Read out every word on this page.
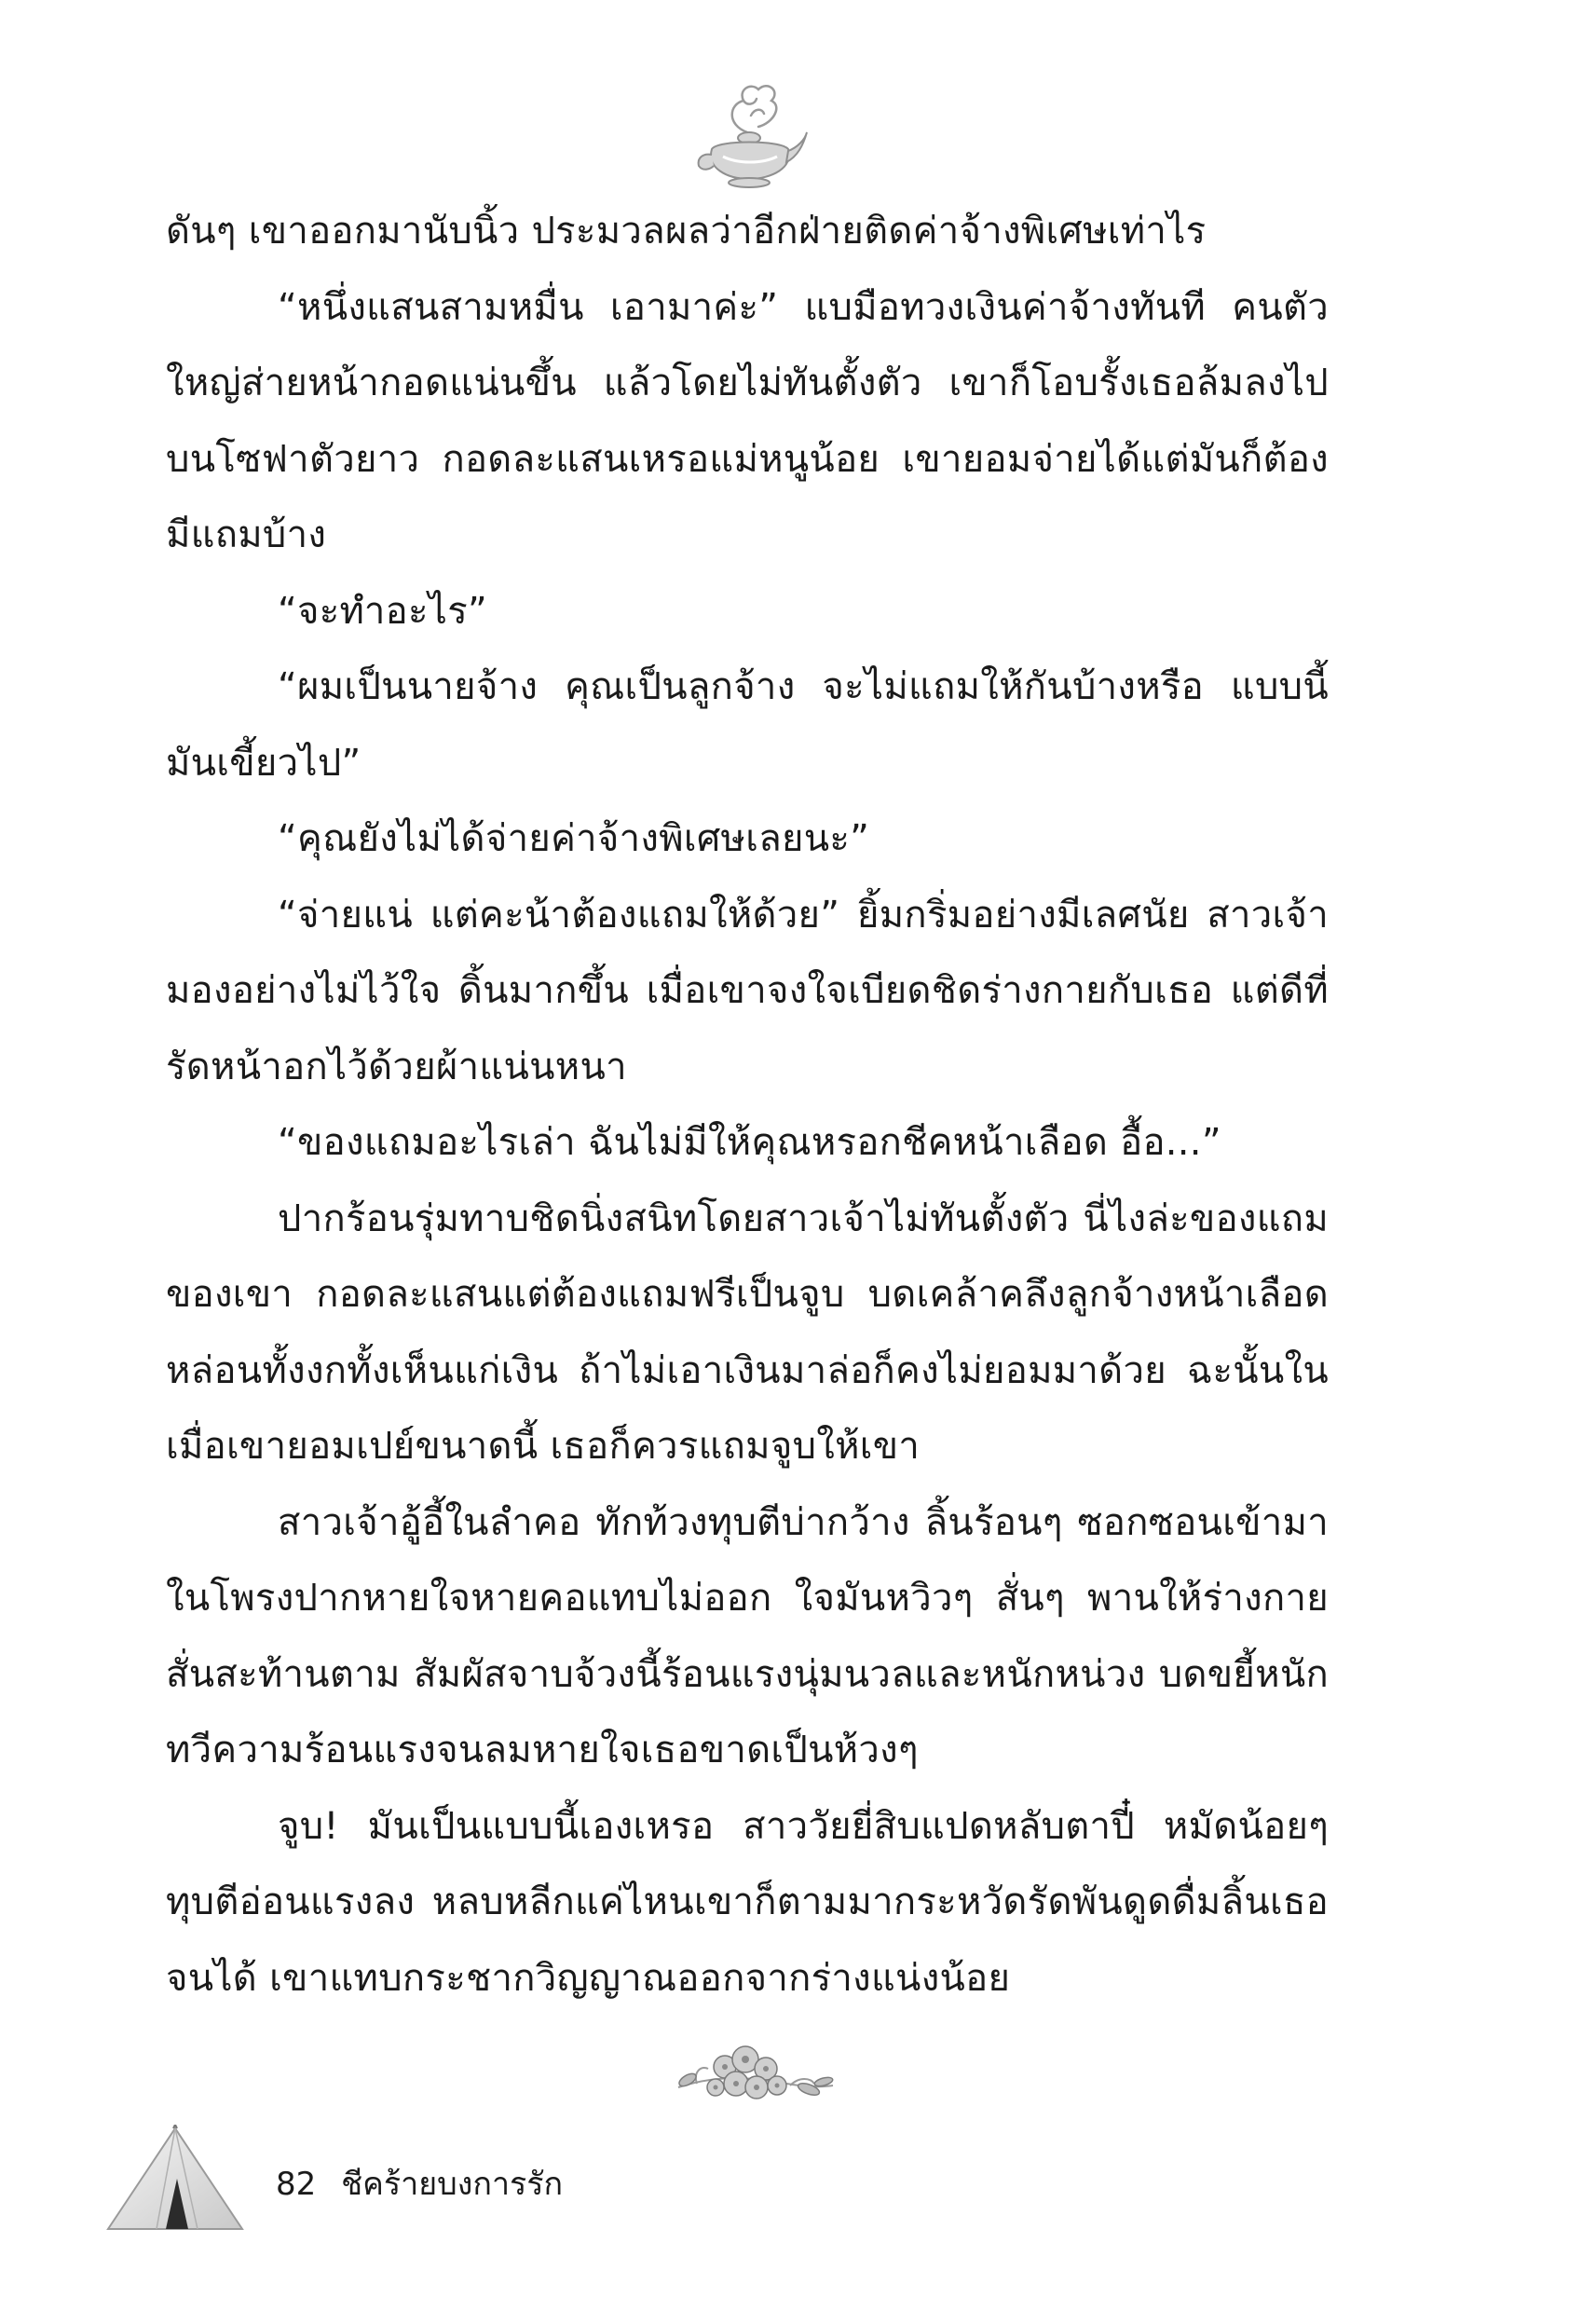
ดันๆ เขาออกมานับนิ้ว ประมวลผลว่าอีกฝ่ายติดค่าจ้างพิเศษเท่าไร

“หนึ่งแสนสามหมื่น เอามาค่ะ” แบมือทวงเงินค่าจ้างทันที คนตัวใหญ่ส่ายหน้ากอดแน่นขึ้น แล้วโดยไม่ทันตั้งตัว เขาก็โอบรั้งเธอล้มลงไปบนโซฟาตัวยาว กอดละแสนเหรอแม่หนูน้อย เขายอมจ่ายได้แต่มันก็ต้องมีแถมบ้าง

“จะทำอะไร”

“ผมเป็นนายจ้าง คุณเป็นลูกจ้าง จะไม่แถมให้กันบ้างหรือ แบบนี้มันเขี้ยวไป”

“คุณยังไม่ได้จ่ายค่าจ้างพิเศษเลยนะ”

“จ่ายแน่ แต่คะน้าต้องแถมให้ด้วย” ยิ้มกริ่มอย่างมีเลศนัย สาวเจ้ามองอย่างไม่ไว้ใจ ดิ้นมากขึ้น เมื่อเขาจงใจเบียดชิดร่างกายกับเธอ แต่ดีที่รัดหน้าอกไว้ด้วยผ้าแน่นหนา

“ของแถมอะไรเล่า ฉันไม่มีให้คุณหรอกชีคหน้าเลือด อื้อ...”

ปากร้อนรุ่มทาบชิดนิ่งสนิทโดยสาวเจ้าไม่ทันตั้งตัว นี่ไงล่ะของแถมของเขา กอดละแสนแต่ต้องแถมฟรีเป็นจูบ บดเคล้าคลึงลูกจ้างหน้าเลือด หล่อนทั้งงกทั้งเห็นแก่เงิน ถ้าไม่เอาเงินมาล่อก็คงไม่ยอมมาด้วย ฉะนั้นในเมื่อเขายอมเปย์ขนาดนี้ เธอก็ควรแถมจูบให้เขา

สาวเจ้าอู้อี้ในลำคอ ทักท้วงทุบตีบ่ากว้าง ลิ้นร้อนๆ ซอกซอนเข้ามาในโพรงปากหายใจหายคอแทบไม่ออก ใจมันหวิวๆ สั่นๆ พานให้ร่างกายสั่นสะท้านตาม สัมผัสจาบจ้วงนี้ร้อนแรงนุ่มนวลและหนักหน่วง บดขยี้หนักทวีความร้อนแรงจนลมหายใจเธอขาดเป็นห้วงๆ

จูบ! มันเป็นแบบนี้เองเหรอ สาววัยยี่สิบแปดหลับตาปี๋ หมัดน้อยๆทุบตีอ่อนแรงลง หลบหลีกแค่ไหนเขาก็ตามมากระหวัดรัดพันดูดดื่มลิ้นเธอจนได้ เขาแทบกระชากวิญญาณออกจากร่างแน่งน้อย

82 ชีคร้ายบงการรัก
